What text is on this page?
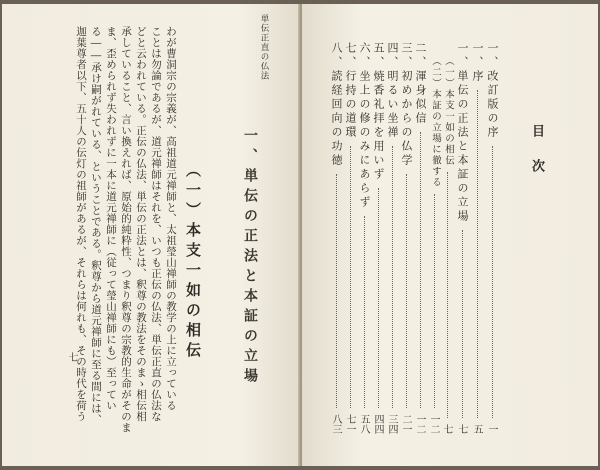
単伝正直の仏法
一、単伝の正法と本証の立場
（一）本支一如の相伝
わが曹洞宗の宗義が、高祖道元禅師と、太祖瑩山禅師の教学の上に立っている
ことは勿論であるが、道元禅師はそれを、いつも正伝の仏法、単伝正直の仏法な
どと云われている。正伝の仏法、単伝の正法とは、釈尊の教法をそのまゝ相伝相
承していること、言い換えれば、原始的純粋性、つまり釈尊の宗教的生命がそのま
ま、歪められず失われずに一本に道元禅師に（従って瑩山禅師にも）至ってい
る――承け嗣がれている、ということである。釈尊から道元禅師に至る間には、
迦葉尊者以下、五十人の伝灯の祖師があるが、それらは何れも、その時代を荷う
七
目次
一、改訂版の序
一
一、序
五
一、単伝の正法と本証の立場
七
（一）本支一如の相伝
七
（二）本証の立場に徹する
一二
二、渾身似信
一二
三、初めからの仏学
二一
四、明るい坐禅
三四
五、焼香礼拝を用いず
四四
六、坐上の修のみにあらず
五八
七、行持の道環
七一
八、読経回向の功徳
八三
